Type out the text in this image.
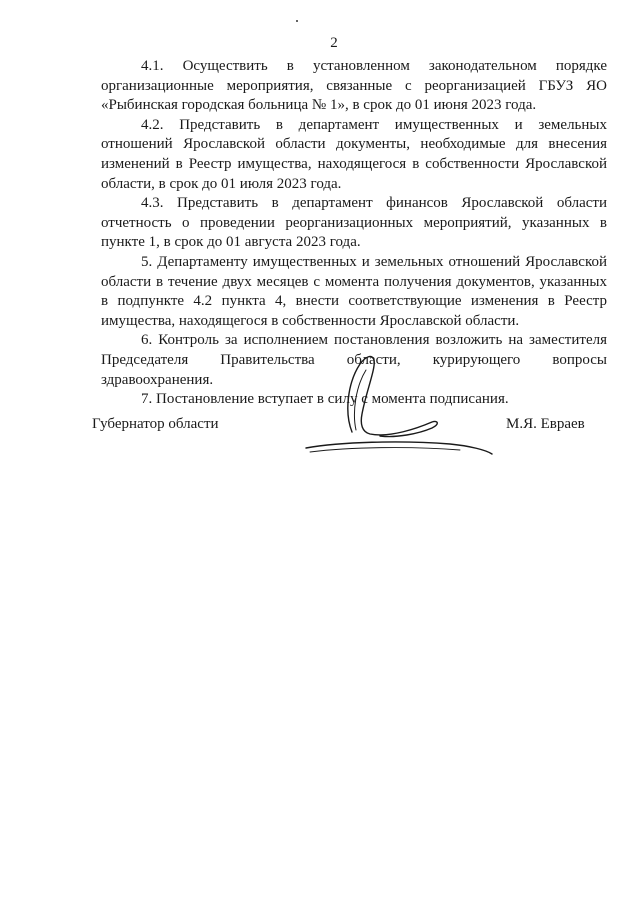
2

4.1. Осуществить в установленном законодательном порядке организационные мероприятия, связанные с реорганизацией ГБУЗ ЯО «Рыбинская городская больница № 1», в срок до 01 июня 2023 года.

4.2. Представить в департамент имущественных и земельных отношений Ярославской области документы, необходимые для внесения изменений в Реестр имущества, находящегося в собственности Ярославской области, в срок до 01 июля 2023 года.

4.3. Представить в департамент финансов Ярославской области отчетность о проведении реорганизационных мероприятий, указанных в пункте 1, в срок до 01 августа 2023 года.

5. Департаменту имущественных и земельных отношений Ярославской области в течение двух месяцев с момента получения документов, указанных в подпункте 4.2 пункта 4, внести соответствующие изменения в Реестр имущества, находящегося в собственности Ярославской области.

6. Контроль за исполнением постановления возложить на заместителя Председателя Правительства области, курирующего вопросы здравоохранения.

7. Постановление вступает в силу с момента подписания.

Губернатор области	М.Я. Евраев
